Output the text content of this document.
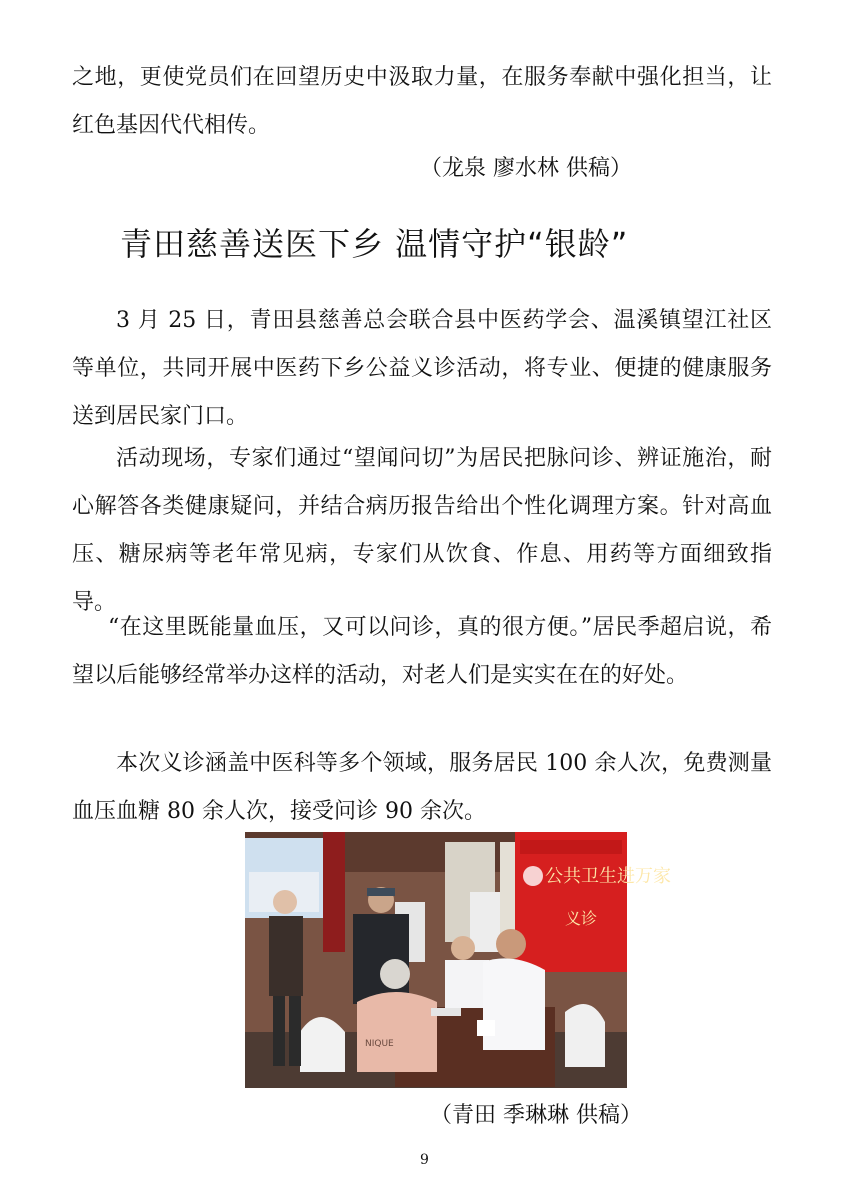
之地，更使党员们在回望历史中汲取力量，在服务奉献中强化担当，让红色基因代代相传。

（龙泉 廖水林 供稿）
青田慈善送医下乡 温情守护“银龄”

3 月 25 日，青田县慈善总会联合县中医药学会、温溪镇望江社区等单位，共同开展中医药下乡公益义诊活动，将专业、便捷的健康服务送到居民家门口。

活动现场，专家们通过“望闻问切”为居民把脉问诊、辨证施治，耐心解答各类健康疑问，并结合病历报告给出个性化调理方案。针对高血压、糖尿病等老年常见病，专家们从饮食、作息、用药等方面细致指导。

“在这里既能量血压，又可以问诊，真的很方便。”居民季超启说，希望以后能够经常举办这样的活动，对老人们是实实在在的好处。

本次义诊涵盖中医科等多个领域，服务居民 100 余人次，免费测量血压血糖 80 余人次，接受问诊 90 余次。

公共卫生进万家
义诊
NIQUE
（青田 季琳琳 供稿）
9
